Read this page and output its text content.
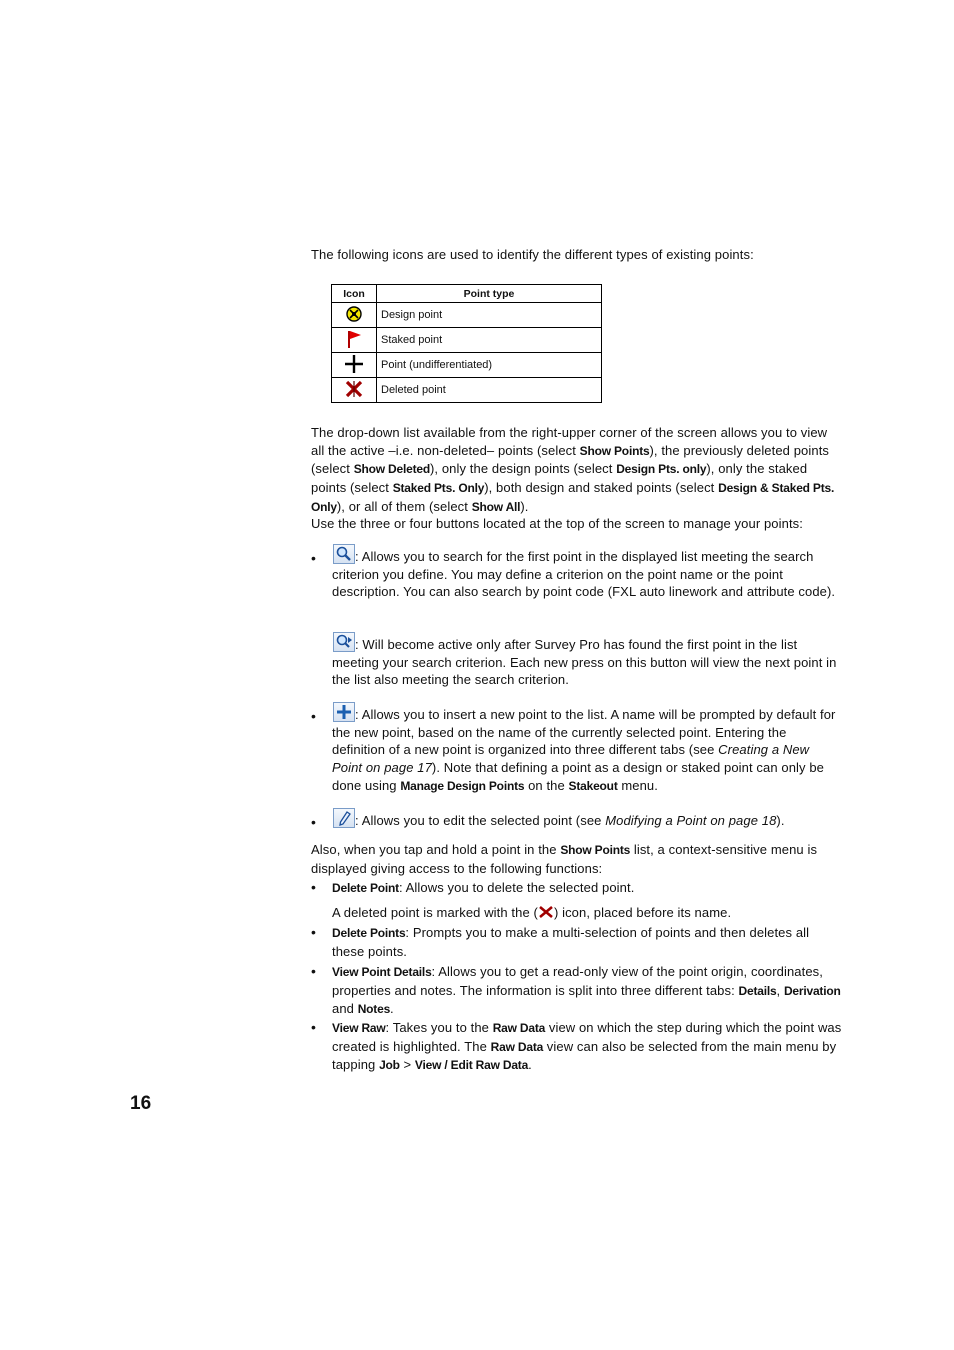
The following icons are used to identify the different types of existing points:

Icon	Point type
	Design point
	Staked point
	Point (undifferentiated)
	Deleted point

The drop-down list available from the right-upper corner of the screen allows you to view all the active –i.e. non-deleted– points (select Show Points), the previously deleted points (select Show Deleted), only the design points (select Design Pts. only), only the staked points (select Staked Pts. Only), both design and staked points (select Design & Staked Pts. Only), or all of them (select Show All).

Use the three or four buttons located at the top of the screen to manage your points:

•	: Allows you to search for the first point in the displayed list meeting the search criterion you define. You may define a criterion on the point name or the point description. You can also search by point code (FXL auto linework and attribute code).

: Will become active only after Survey Pro has found the first point in the list meeting your search criterion. Each new press on this button will view the next point in the list also meeting the search criterion.

•	: Allows you to insert a new point to the list. A name will be prompted by default for the new point, based on the name of the currently selected point. Entering the definition of a new point is organized into three different tabs (see Creating a New Point on page 17). Note that defining a point as a design or staked point can only be done using Manage Design Points on the Stakeout menu.

•	: Allows you to edit the selected point (see Modifying a Point on page 18).

Also, when you tap and hold a point in the Show Points list, a context-sensitive menu is displayed giving access to the following functions:

• Delete Point: Allows you to delete the selected point.

A deleted point is marked with the ( ) icon, placed before its name.

• Delete Points: Prompts you to make a multi-selection of points and then deletes all these points.

• View Point Details: Allows you to get a read-only view of the point origin, coordinates, properties and notes. The information is split into three different tabs: Details, Derivation and Notes.

• View Raw: Takes you to the Raw Data view on which the step during which the point was created is highlighted. The Raw Data view can also be selected from the main menu by tapping Job > View / Edit Raw Data.

16
